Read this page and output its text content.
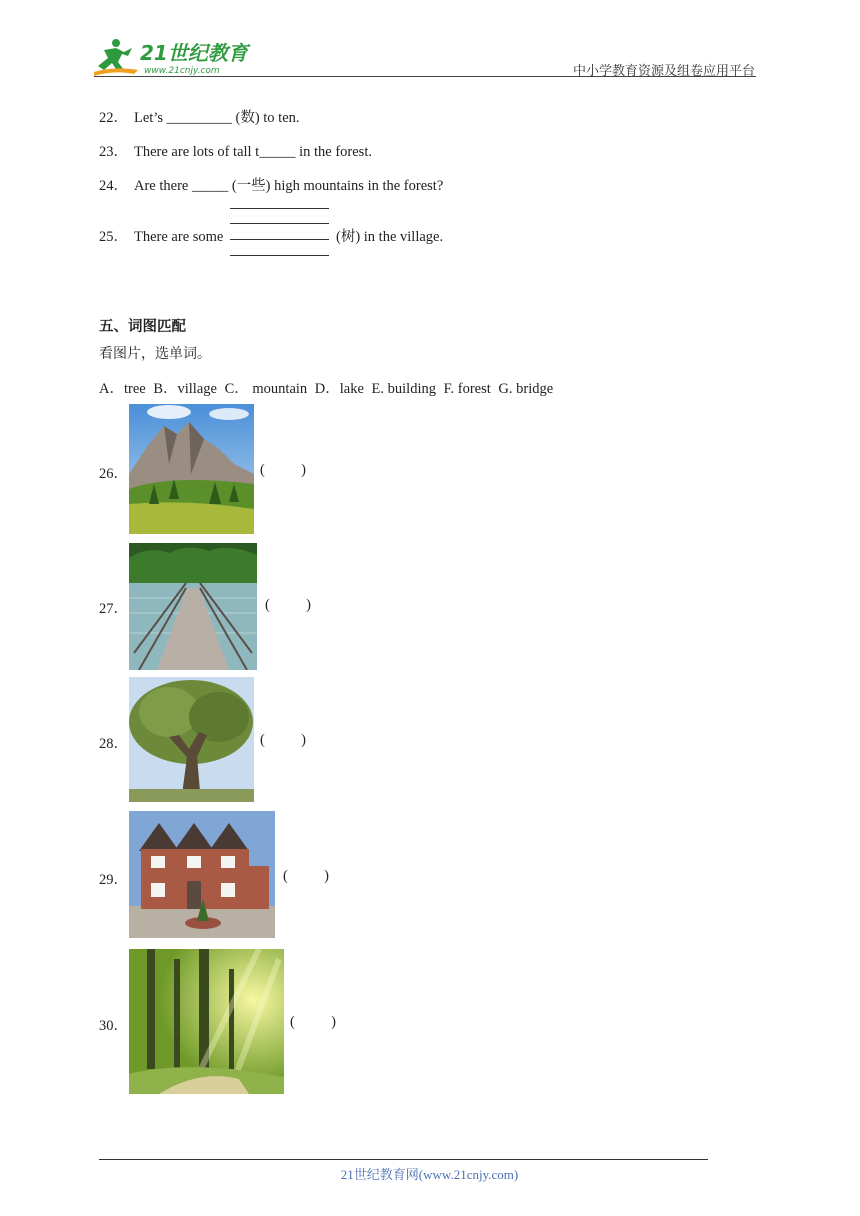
21世纪教育
www.21cnjy.com	中小学教育资源及组卷应用平台
22． Let’s _________ (数) to ten.
23． There are lots of tall t_____ in the forest.
24． Are there _____ (一些) high mountains in the forest?
25． There are some	(树) in the village.
五、词图匹配
看图片，选单词。
A．tree B．village C． mountain D．lake E. building F. forest G. bridge
26．	(          )
27．	(          )
28．	(          )
29．	(          )
30．	(          )
21世纪教育网(www.21cnjy.com)
